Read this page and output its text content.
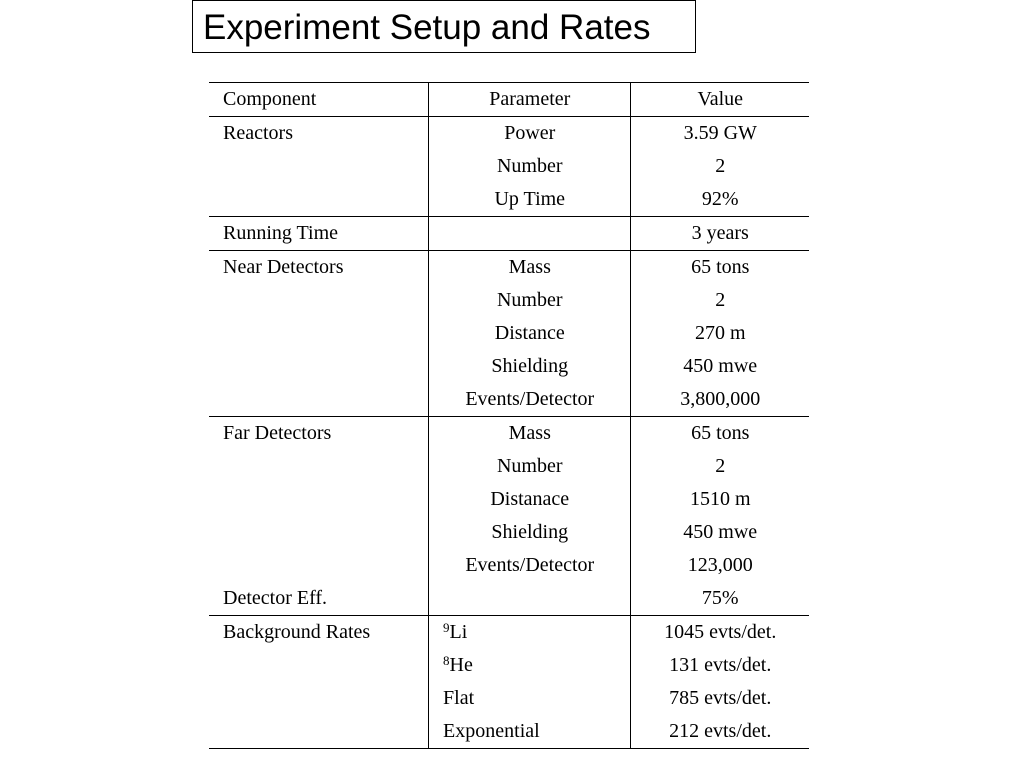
Experiment Setup and Rates
Component	Parameter	Value
Reactors	Power	3.59 GW
	Number	2
	Up Time	92%
Running Time		3 years
Near Detectors	Mass	65 tons
	Number	2
	Distance	270 m
	Shielding	450 mwe
	Events/Detector	3,800,000
Far Detectors	Mass	65 tons
	Number	2
	Distanace	1510 m
	Shielding	450 mwe
	Events/Detector	123,000
Detector Eff.		75%
Background Rates	$^9$Li	1045 evts/det.
	$^8$He	131 evts/det.
	Flat	785 evts/det.
	Exponential	212 evts/det.
